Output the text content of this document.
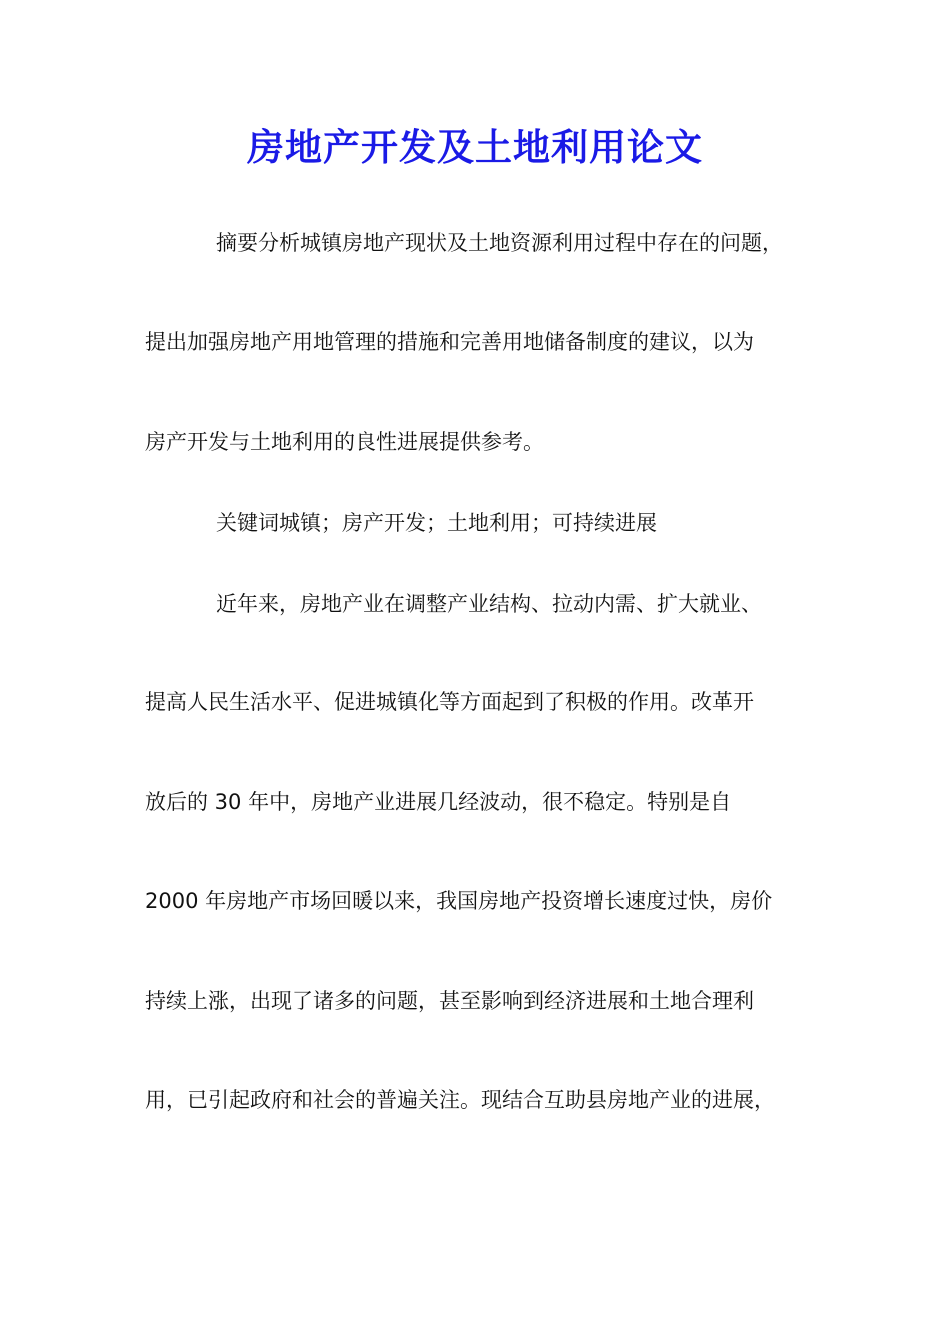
房地产开发及土地利用论文

摘要分析城镇房地产现状及土地资源利用过程中存在的问题，

提出加强房地产用地管理的措施和完善用地储备制度的建议，以为

房产开发与土地利用的良性进展提供参考。

关键词城镇；房产开发；土地利用；可持续进展

近年来，房地产业在调整产业结构、拉动内需、扩大就业、

提高人民生活水平、促进城镇化等方面起到了积极的作用。改革开

放后的 30 年中，房地产业进展几经波动，很不稳定。特别是自

2000 年房地产市场回暖以来，我国房地产投资增长速度过快，房价

持续上涨，出现了诸多的问题，甚至影响到经济进展和土地合理利

用，已引起政府和社会的普遍关注。现结合互助县房地产业的进展，
